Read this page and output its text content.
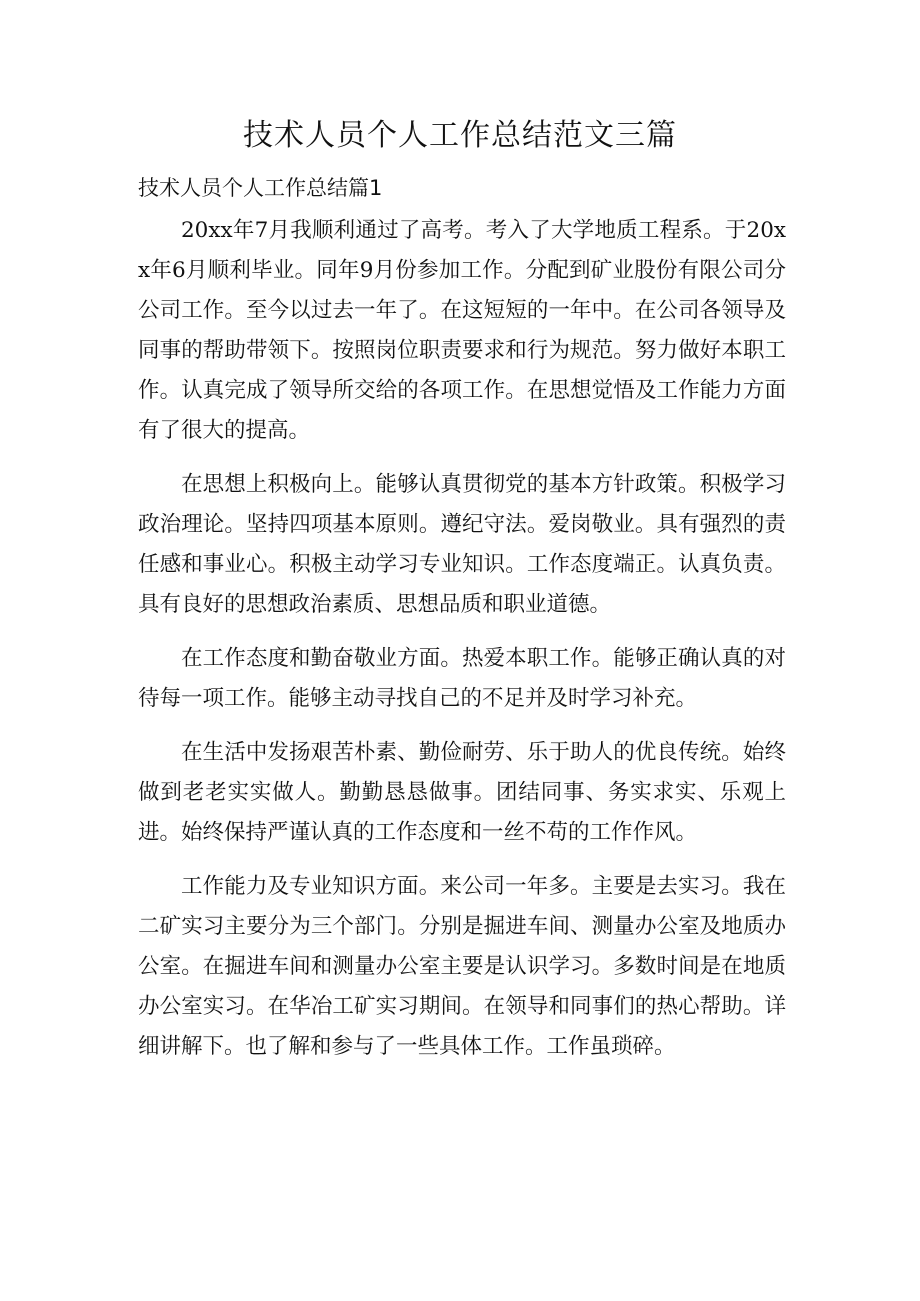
技术人员个人工作总结范文三篇
技术人员个人工作总结篇1

20xx年7月我顺利通过了高考。考入了大学地质工程系。于20xx年6月顺利毕业。同年9月份参加工作。分配到矿业股份有限公司分公司工作。至今以过去一年了。在这短短的一年中。在公司各领导及同事的帮助带领下。按照岗位职责要求和行为规范。努力做好本职工作。认真完成了领导所交给的各项工作。在思想觉悟及工作能力方面有了很大的提高。

在思想上积极向上。能够认真贯彻党的基本方针政策。积极学习政治理论。坚持四项基本原则。遵纪守法。爱岗敬业。具有强烈的责任感和事业心。积极主动学习专业知识。工作态度端正。认真负责。具有良好的思想政治素质、思想品质和职业道德。

在工作态度和勤奋敬业方面。热爱本职工作。能够正确认真的对待每一项工作。能够主动寻找自己的不足并及时学习补充。

在生活中发扬艰苦朴素、勤俭耐劳、乐于助人的优良传统。始终做到老老实实做人。勤勤恳恳做事。团结同事、务实求实、乐观上进。始终保持严谨认真的工作态度和一丝不苟的工作作风。

工作能力及专业知识方面。来公司一年多。主要是去实习。我在二矿实习主要分为三个部门。分别是掘进车间、测量办公室及地质办公室。在掘进车间和测量办公室主要是认识学习。多数时间是在地质办公室实习。在华冶工矿实习期间。在领导和同事们的热心帮助。详细讲解下。也了解和参与了一些具体工作。工作虽琐碎。
